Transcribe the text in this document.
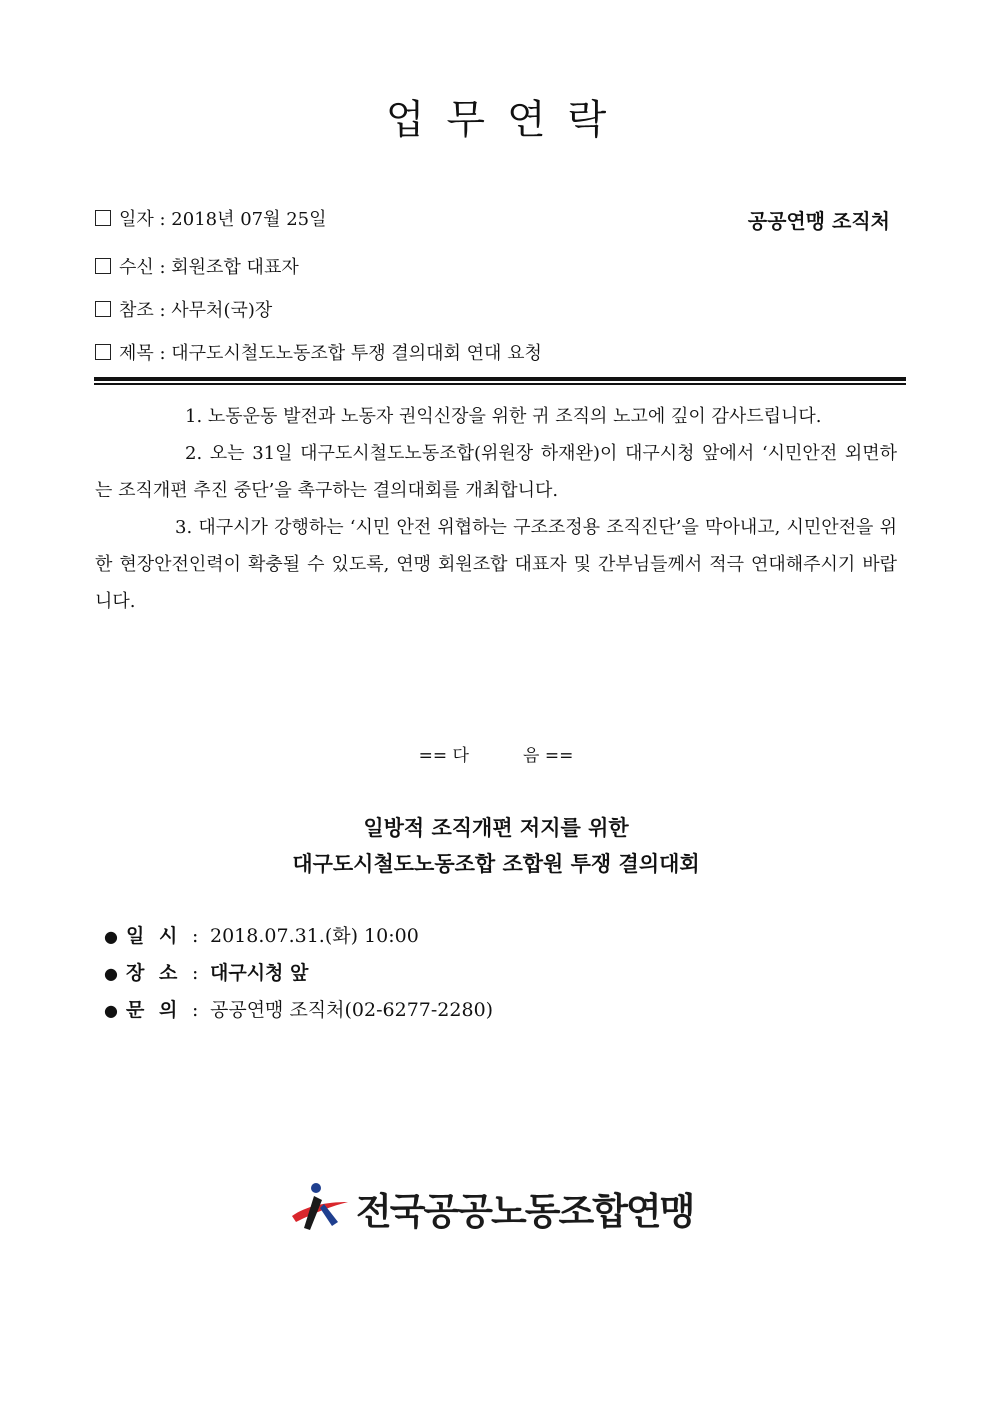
업무연락
일자 : 2018년 07월 25일
수신 : 회원조합 대표자
참조 : 사무처(국)장
제목 : 대구도시철도노동조합 투쟁 결의대회 연대 요청
공공연맹 조직처

1. 노동운동 발전과 노동자 권익신장을 위한 귀 조직의 노고에 깊이 감사드립니다.

2. 오는 31일 대구도시철도노동조합(위원장 하재완)이 대구시청 앞에서 ‘시민안전 외면하는 조직개편 추진 중단’을 촉구하는 결의대회를 개최합니다.

3. 대구시가 강행하는 ‘시민 안전 위협하는 구조조정용 조직진단’을 막아내고, 시민안전을 위한 현장안전인력이 확충될 수 있도록, 연맹 회원조합 대표자 및 간부님들께서 적극 연대해주시기 바랍니다.

== 다          음 ==
일방적 조직개편 저지를 위한
대구도시철도노동조합 조합원 투쟁 결의대회
● 일 시 : 2018.07.31.(화) 10:00
● 장 소 : 대구시청 앞
● 문 의 : 공공연맹 조직처(02-6277-2280)
전국공공노동조합연맹
